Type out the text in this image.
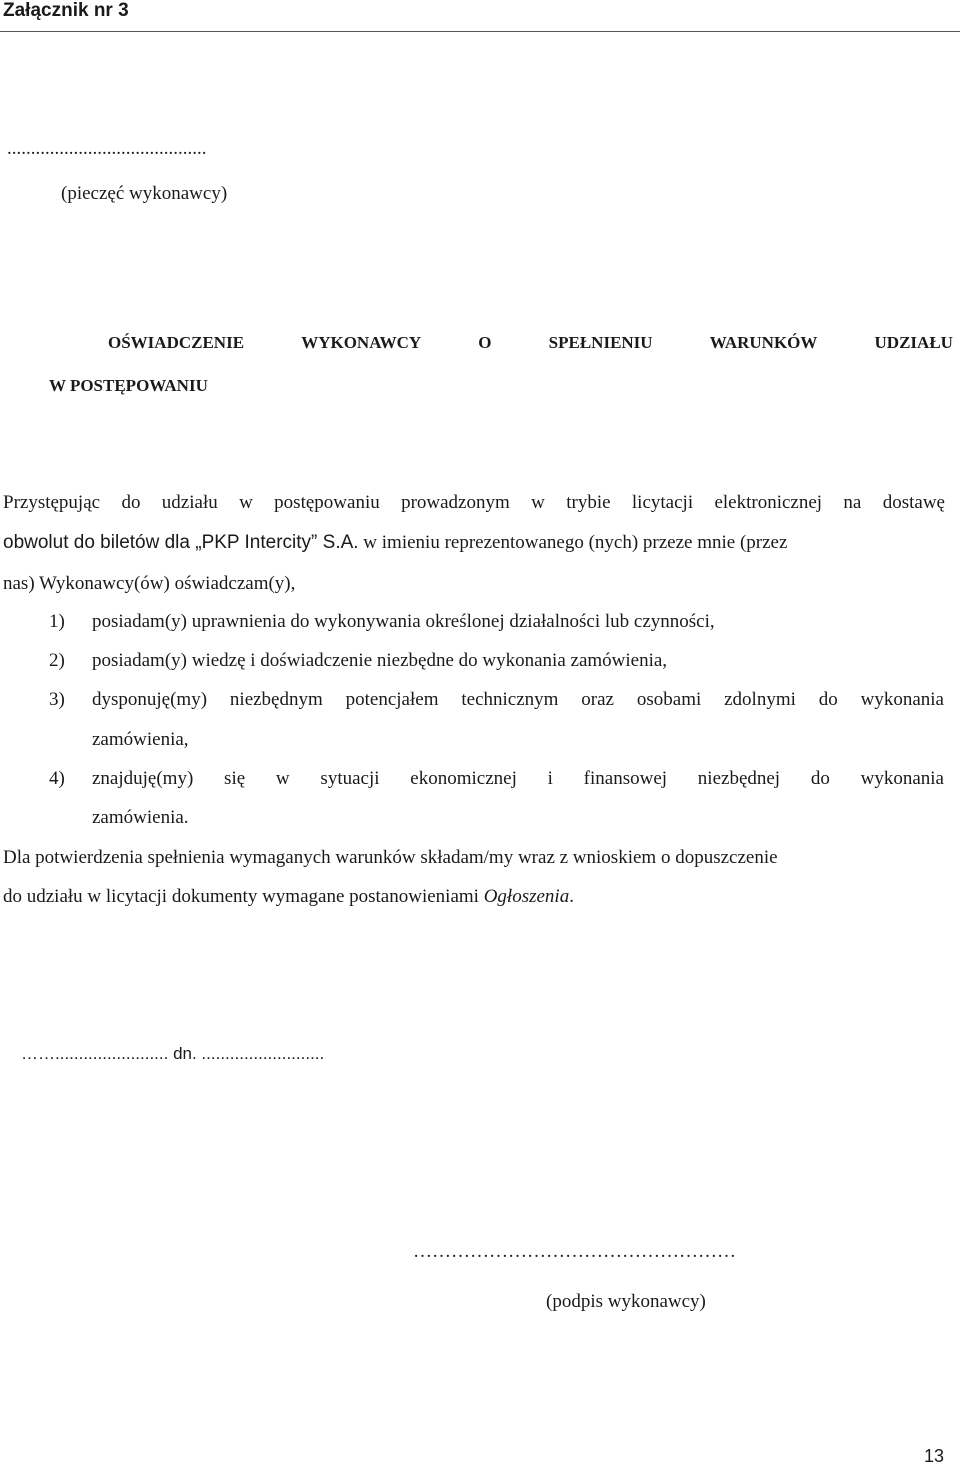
Załącznik nr 3
..........................................
(pieczęć wykonawcy)
OŚWIADCZENIE	WYKONAWCY	O	SPEŁNIENIU	WARUNKÓW	UDZIAŁU
W POSTĘPOWANIU
Przystępując do udziału w postępowaniu prowadzonym w trybie licytacji elektronicznej na dostawę
obwolut do biletów dla „PKP Intercity” S.A. w imieniu reprezentowanego (nych) przeze mnie (przez
nas) Wykonawcy(ów) oświadczam(y),
1) posiadam(y) uprawnienia do wykonywania określonej działalności lub czynności,
2) posiadam(y) wiedzę i doświadczenie niezbędne do wykonania zamówienia,
3) dysponuję(my) niezbędnym potencjałem technicznym oraz osobami zdolnymi do wykonania
zamówienia,
4) znajduję(my) się w sytuacji ekonomicznej i finansowej niezbędnej do wykonania
zamówienia.
Dla potwierdzenia spełnienia wymaganych warunków składam/my wraz z wnioskiem o dopuszczenie
do udziału w licytacji dokumenty wymagane postanowieniami Ogłoszenia.
……........................ dn. ..........................
……………………………………………
(podpis wykonawcy)
13
